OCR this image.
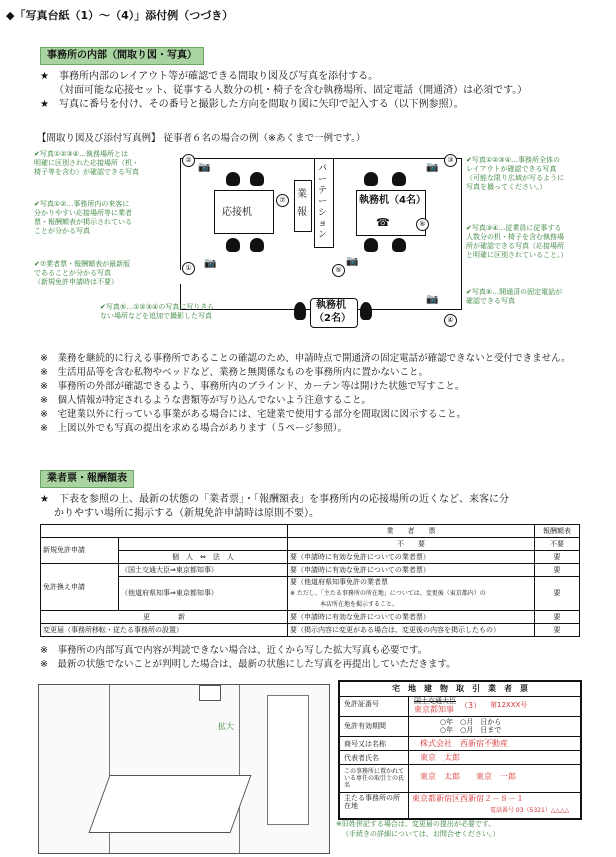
◆「写真台紙（1）〜（4）」添付例（つづき）
事務所の内部（間取り図・写真）
★　事務所内部のレイアウト等が確認できる間取り図及び写真を添付する。
（対面可能な応接セット、従事する人数分の机・椅子を含む執務場所、固定電話（開通済）は必須です。）
★　写真に番号を付け、その番号と撮影した方向を間取り図に矢印で記入する（以下例参照）。
【間取り図及び添付写真例】 従事者６名の場合の例（※あくまで一例です。）
応接机
業報
パーテーション
執務机（4名）
☎
執務机
（2名）
②	③
①
④
⑤
⑥
⑦
📷	📷
📷	📷
📷
✔写真①②③④…執務場所とは
明確に区別された応接場所（机・
椅子等を含む）が確認できる写真
✔写真①②…事務所内の来客に
分かりやすい応接場所等に業者
票・報酬額表が掲示されている
ことが分かる写真
✔⑦業者票・報酬額表が最新版
であることが分かる写真
（新規免許申請時は不要）
✔写真⑤…①②③④の写真に写りきら
ない場所などを追加で撮影した写真
✔写真①②③④…事務所全体の
レイアウトが確認できる写真
（可能な限り広域が写るように
写真を撮ってください。）
✔写真③④…従業員に従事する
人数分の机・椅子を含む執務場
所が確認できる写真（応接場所
と明確に区別されていること。）
✔写真⑥…開通済の固定電話が
確認できる写真
※　業務を継続的に行える事務所であることの確認のため、申請時点で開通済の固定電話が確認できないと受付できません。
※　生活用品等を含む私物やベッドなど、業務と無関係なものを事務所内に置かないこと。
※　事務所の外部が確認できるよう、事務所内のブラインド、カーテン等は開けた状態で写すこと。
※　個人情報が特定されるような書類等が写り込んでないよう注意すること。
※　宅建業以外に行っている事業がある場合には、宅建業で使用する部分を間取図に図示すること。
※　上図以外でも写真の提出を求める場合があります（５ページ参照）。
業者票・報酬額表
★　下表を参照の上、最新の状態の「業者票」・「報酬額表」を事務所内の応接場所の近くなど、来客に分
かりやすい場所に掲示する（新規免許申請時は原則不要）。
		業　　者　　票	報酬額表
新規免許申請		不　　要	不要
	個　人　⇔　法　人	要（申請時に有効な免許についての業者票）	要
免許換え申請	（国土交通大臣⇒東京都知事）	要（申請時に有効な免許についての業者票）	要
	（他道府県知事⇒東京都知事）	要（他道府県知事免許の業者票
※ ただし、「主たる事務所の所在地」については、変更後（東京都内）の
本店所在地を掲示すること。	要
更　　　　新		要（申請時に有効な免許についての業者票）	要
変更届（事務所移転・従たる事務所の設置）		要（掲示内容に変更がある場合は、変更後の内容を掲示したもの）	要
※　事務所の内部写真で内容が判読できない場合は、近くから写した拡大写真も必要です。
※　最新の状態でないことが判明した場合は、最新の状態にした写真を再提出していただきます。
拡大
宅　地　建　物　取　引　業　者　票
免許証番号	国土交通大臣
東京都知事 （3） 第12XXX号
免許有効期間	○年　○月　日から
○年　○月　日まで
商号又は名称	株式会社　西新宿不動産
代表者氏名	東京　太郎
この事務所に置かれている専任の取引士の氏名
東京　太郎　　東京　一郎
主たる事務所の所在地
東京都新宿区西新宿２－８－１
電話番号 03（5321）△△△△
※旧姓併記する場合は、変更届の提出が必要です。
（手続きの詳細については、お問合せください。）
